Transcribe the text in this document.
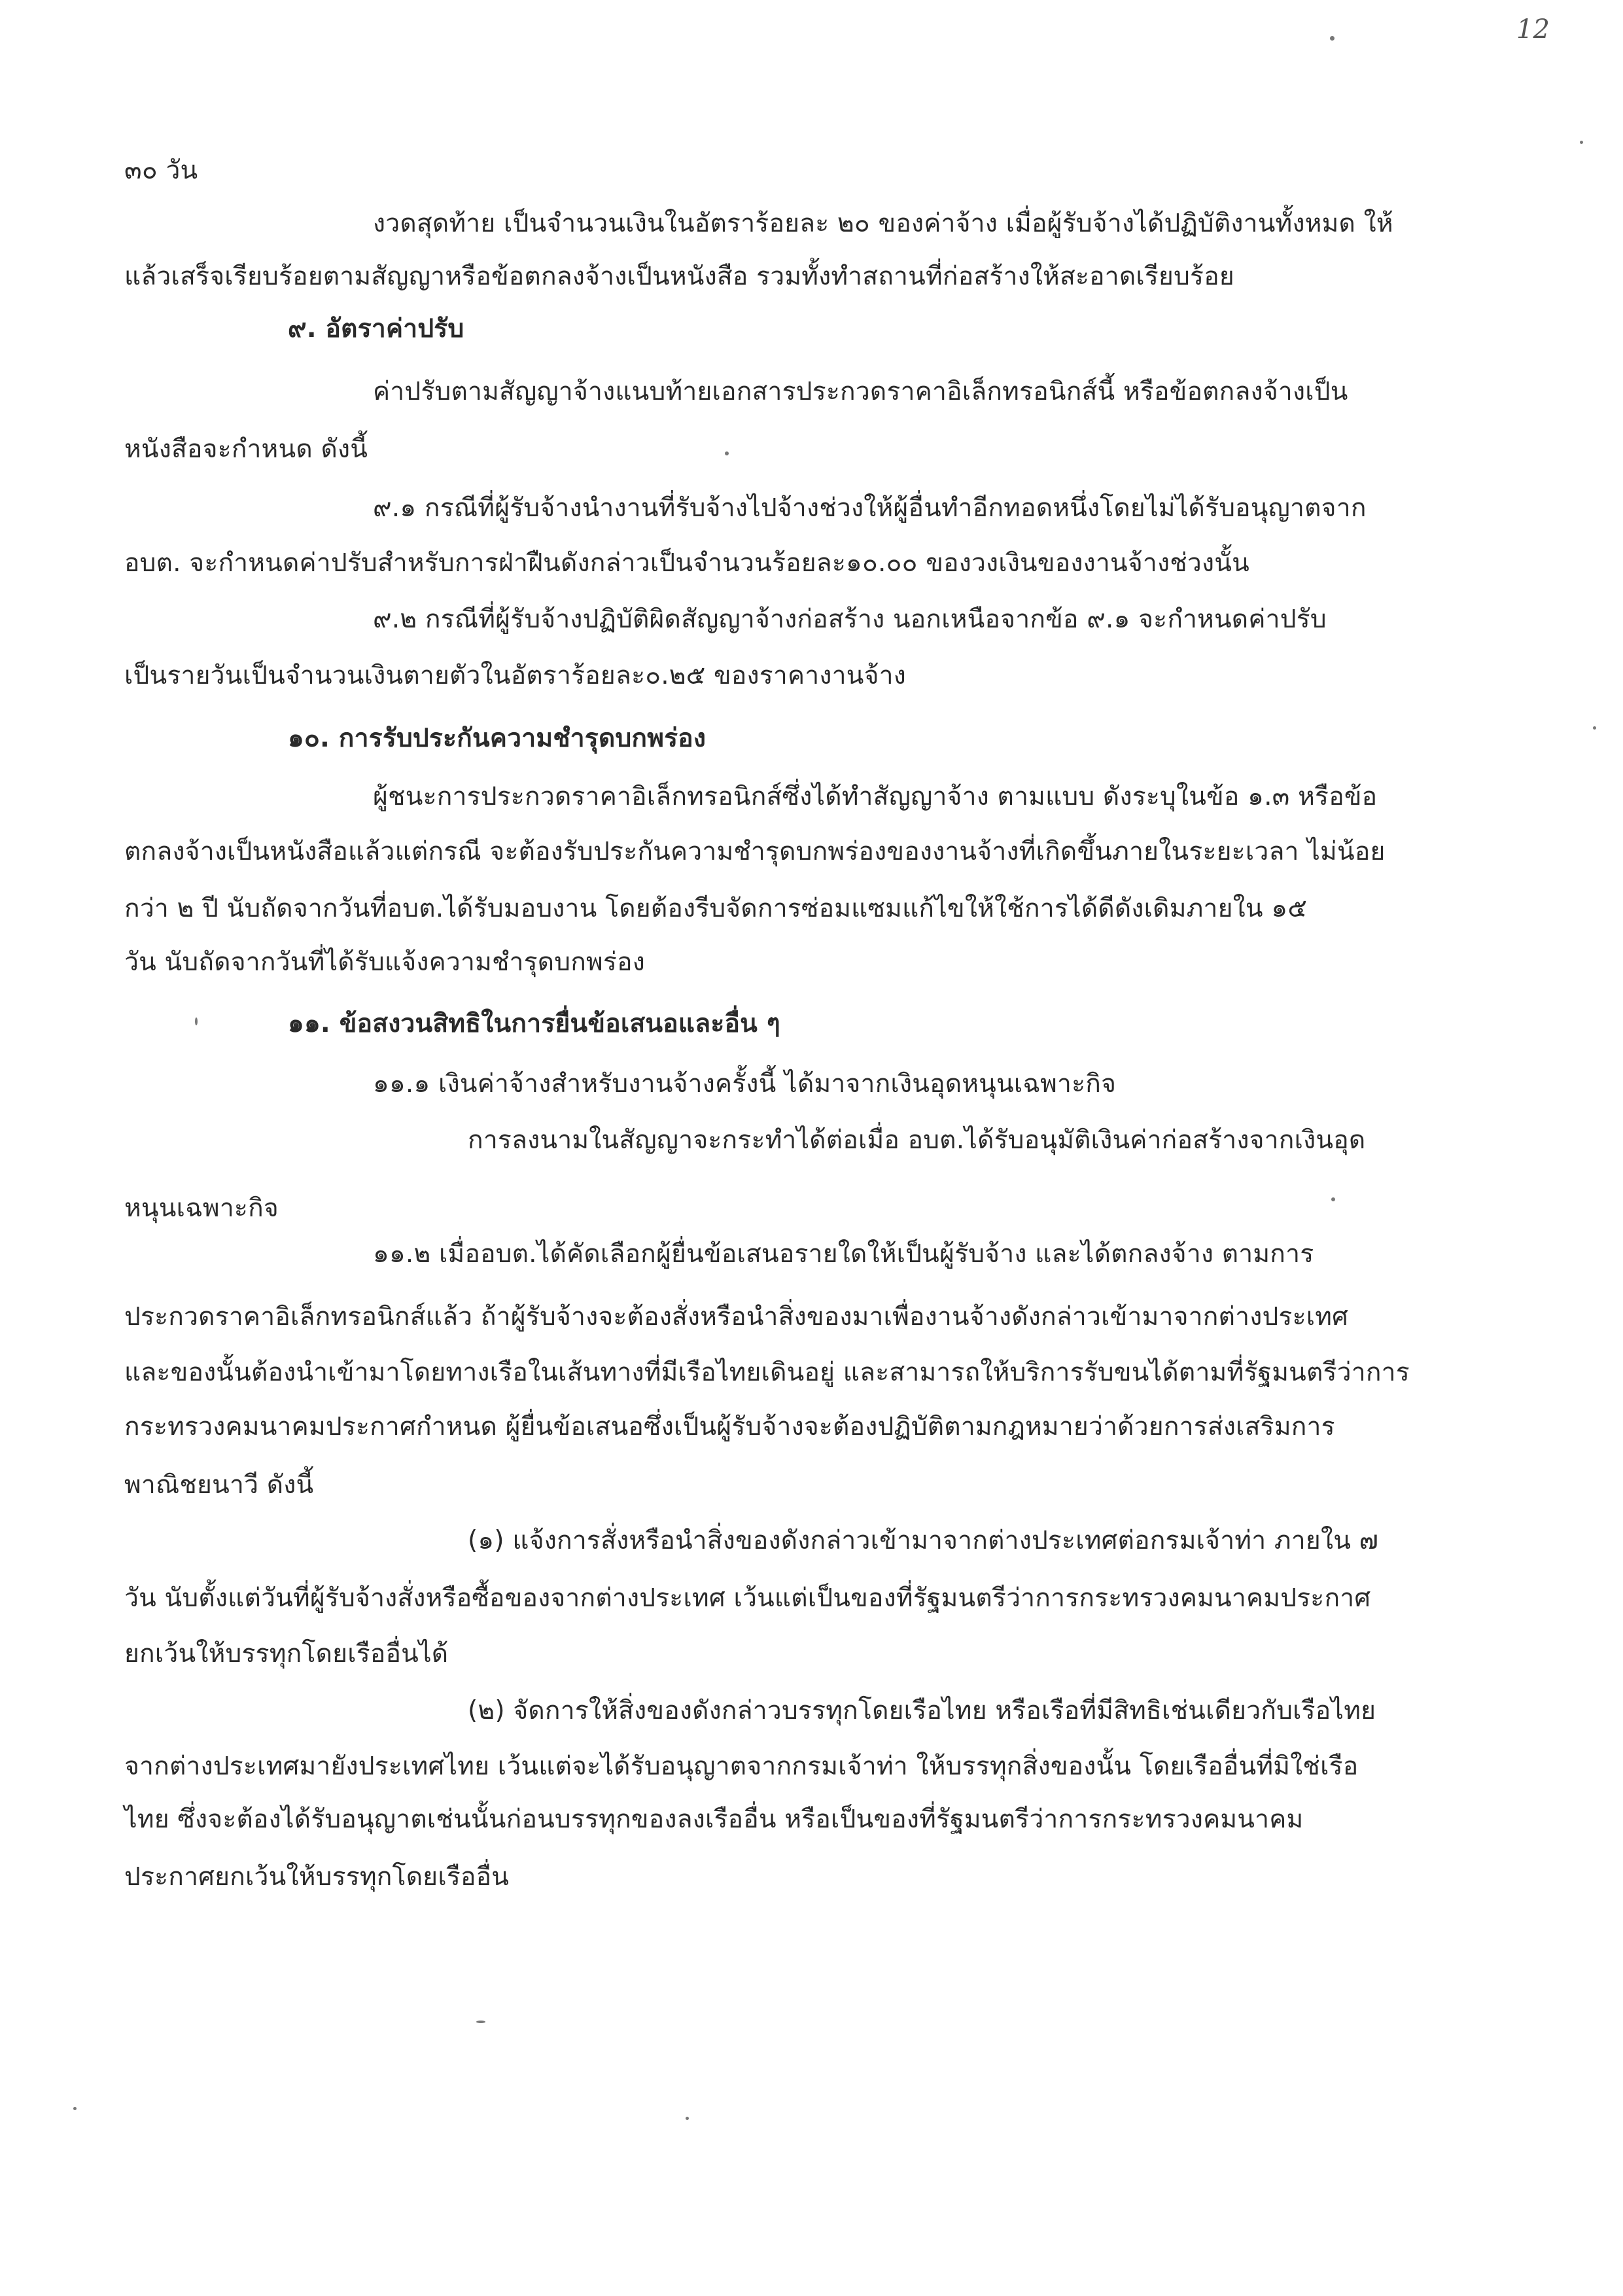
12
๓๐ วัน
งวดสุดท้าย เป็นจำนวนเงินในอัตราร้อยละ ๒๐ ของค่าจ้าง เมื่อผู้รับจ้างได้ปฏิบัติงานทั้งหมด ให้
แล้วเสร็จเรียบร้อยตามสัญญาหรือข้อตกลงจ้างเป็นหนังสือ รวมทั้งทำสถานที่ก่อสร้างให้สะอาดเรียบร้อย
๙. อัตราค่าปรับ
ค่าปรับตามสัญญาจ้างแนบท้ายเอกสารประกวดราคาอิเล็กทรอนิกส์นี้ หรือข้อตกลงจ้างเป็น
หนังสือจะกำหนด ดังนี้
๙.๑ กรณีที่ผู้รับจ้างนำงานที่รับจ้างไปจ้างช่วงให้ผู้อื่นทำอีกทอดหนึ่งโดยไม่ได้รับอนุญาตจาก
อบต. จะกำหนดค่าปรับสำหรับการฝ่าฝืนดังกล่าวเป็นจำนวนร้อยละ๑๐.๐๐ ของวงเงินของงานจ้างช่วงนั้น
๙.๒ กรณีที่ผู้รับจ้างปฏิบัติผิดสัญญาจ้างก่อสร้าง นอกเหนือจากข้อ ๙.๑ จะกำหนดค่าปรับ
เป็นรายวันเป็นจำนวนเงินตายตัวในอัตราร้อยละ๐.๒๕ ของราคางานจ้าง
๑๐. การรับประกันความชำรุดบกพร่อง
ผู้ชนะการประกวดราคาอิเล็กทรอนิกส์ซึ่งได้ทำสัญญาจ้าง ตามแบบ ดังระบุในข้อ ๑.๓ หรือข้อ
ตกลงจ้างเป็นหนังสือแล้วแต่กรณี จะต้องรับประกันความชำรุดบกพร่องของงานจ้างที่เกิดขึ้นภายในระยะเวลา ไม่น้อย
กว่า ๒ ปี นับถัดจากวันที่อบต.ได้รับมอบงาน โดยต้องรีบจัดการซ่อมแซมแก้ไขให้ใช้การได้ดีดังเดิมภายใน ๑๕
วัน นับถัดจากวันที่ได้รับแจ้งความชำรุดบกพร่อง
๑๑. ข้อสงวนสิทธิในการยื่นข้อเสนอและอื่น ๆ
๑๑.๑ เงินค่าจ้างสำหรับงานจ้างครั้งนี้ ได้มาจากเงินอุดหนุนเฉพาะกิจ
การลงนามในสัญญาจะกระทำได้ต่อเมื่อ อบต.ได้รับอนุมัติเงินค่าก่อสร้างจากเงินอุด
หนุนเฉพาะกิจ
๑๑.๒ เมื่ออบต.ได้คัดเลือกผู้ยื่นข้อเสนอรายใดให้เป็นผู้รับจ้าง และได้ตกลงจ้าง ตามการ
ประกวดราคาอิเล็กทรอนิกส์แล้ว ถ้าผู้รับจ้างจะต้องสั่งหรือนำสิ่งของมาเพื่องานจ้างดังกล่าวเข้ามาจากต่างประเทศ
และของนั้นต้องนำเข้ามาโดยทางเรือในเส้นทางที่มีเรือไทยเดินอยู่ และสามารถให้บริการรับขนได้ตามที่รัฐมนตรีว่าการ
กระทรวงคมนาคมประกาศกำหนด ผู้ยื่นข้อเสนอซึ่งเป็นผู้รับจ้างจะต้องปฏิบัติตามกฎหมายว่าด้วยการส่งเสริมการ
พาณิชยนาวี ดังนี้
(๑) แจ้งการสั่งหรือนำสิ่งของดังกล่าวเข้ามาจากต่างประเทศต่อกรมเจ้าท่า ภายใน ๗
วัน นับตั้งแต่วันที่ผู้รับจ้างสั่งหรือซื้อของจากต่างประเทศ เว้นแต่เป็นของที่รัฐมนตรีว่าการกระทรวงคมนาคมประกาศ
ยกเว้นให้บรรทุกโดยเรืออื่นได้
(๒) จัดการให้สิ่งของดังกล่าวบรรทุกโดยเรือไทย หรือเรือที่มีสิทธิเช่นเดียวกับเรือไทย
จากต่างประเทศมายังประเทศไทย เว้นแต่จะได้รับอนุญาตจากกรมเจ้าท่า ให้บรรทุกสิ่งของนั้น โดยเรืออื่นที่มิใช่เรือ
ไทย ซึ่งจะต้องได้รับอนุญาตเช่นนั้นก่อนบรรทุกของลงเรืออื่น หรือเป็นของที่รัฐมนตรีว่าการกระทรวงคมนาคม
ประกาศยกเว้นให้บรรทุกโดยเรืออื่น
